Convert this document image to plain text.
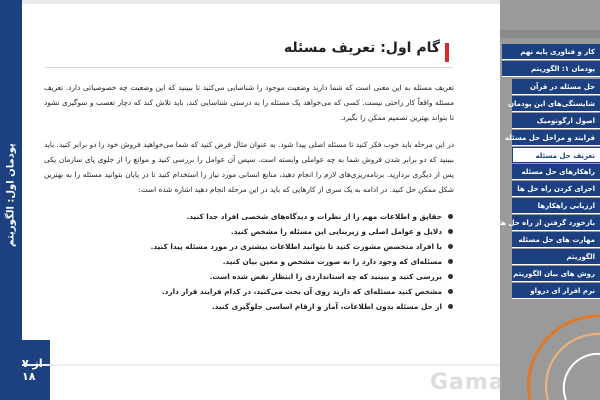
پودمان اول: الگوریتم
۱۸
گام اول: تعریف مسئله

تعریف مسئله به این معنی است که شما دارید وضعیت موجود را شناسایی می‌کنید تا ببینید که این وضعیت چه خصوصیاتی دارد. تعریف مسئله واقعاً کار راحتی نیست. کسی که می‌خواهد یک مسئله را به درستی شناسایی کند، باید تلاش کند که دچار تعصب و سوگیری نشود تا بتواند بهترین تصمیم ممکن را بگیرد.

در این مرحله باید خوب فکر کنید تا مسئله اصلی پیدا شود. به عنوان مثال فرض کنید که شما می‌خواهید فروش خود را دو برابر کنید. باید ببینید که دو برابر شدن فروش شما به چه عواملی وابسته است. سپس آن عوامل را بررسی کنید و موانع را از جلوی پای سازمان یکی پس از دیگری بردارید. برنامه‌ریزی‌های لازم را انجام دهید، منابع انسانی مورد نیاز را استخدام کنید تا در پایان بتوانید مسئله را به بهترین شکل ممکن حل کنید. در ادامه به یک سری از کارهایی که باید در این مرحله انجام دهید اشاره شده است:

حقایق و اطلاعات مهم را از نظرات و دیدگاه‌های شخصی افراد جدا کنید.
دلایل و عوامل اصلی و زیربنایی این مسئله را مشخص کنید.
با افراد متخصص مشورت کنید تا بتوانید اطلاعات بیشتری در مورد مسئله پیدا کنید.
مسئله‌ای که وجود دارد را به صورت مشخص و معین بیان کنید.
بررسی کنید و ببینید که چه استانداردی را انتظار نقض شده است.
مشخص کنید مسئله‌ای که دارید روی آن بحث می‌کنید، در کدام فرایند قرار دارد.
از حل مسئله بدون اطلاعات، آمار و ارقام اساسی جلوگیری کنید.
کار و فناوری پایه نهم
پودمان ۱: الگوریتم
حل مسئله در قرآن
شایستگی‌های این پودمان
اصول ارگونومیک
فرایند و مراحل حل مسئله
تعریف حل مسئله
راهکارهای حل مسئله
اجرای کردن راه حل ها
ارزیابی راهکارها
بازخورد گرفتن از راه حل ها
مهارت های حل مسئله
الگوریتم
روش های بیان الگوریتم
نرم افزار ای درواو
Gama
